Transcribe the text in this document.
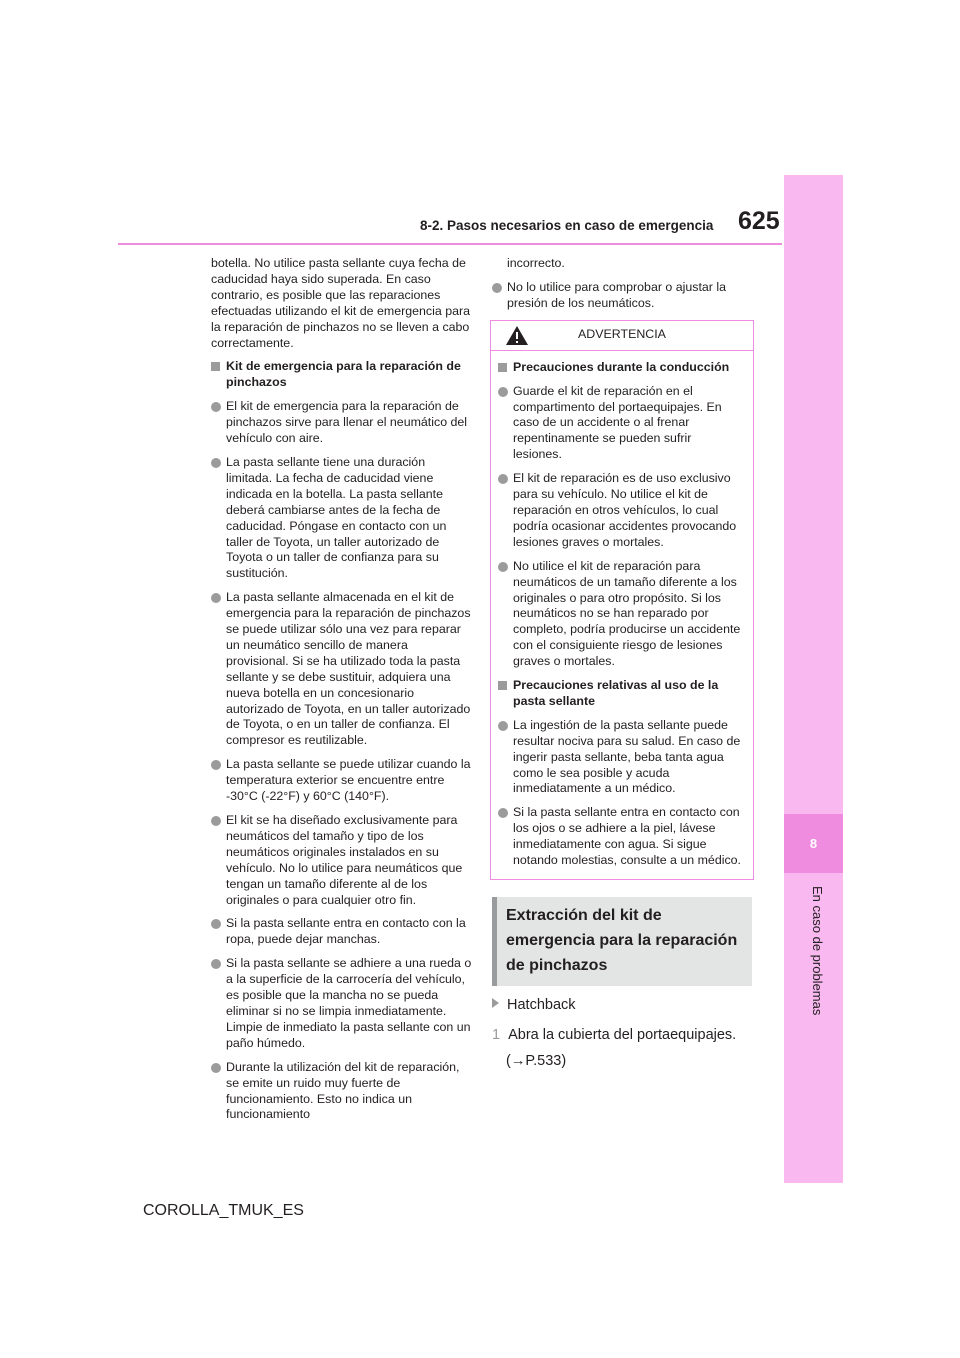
8-2. Pasos necesarios en caso de emergencia 625
8
En caso de problemas

botella. No utilice pasta sellante cuya fecha de caducidad haya sido superada. En caso contrario, es posible que las reparaciones efectuadas utilizando el kit de emergencia para la reparación de pinchazos no se lleven a cabo correctamente.

Kit de emergencia para la reparación de pinchazos
El kit de emergencia para la reparación de pinchazos sirve para llenar el neumático del vehículo con aire.
La pasta sellante tiene una duración limitada. La fecha de caducidad viene indicada en la botella. La pasta sellante deberá cambiarse antes de la fecha de caducidad. Póngase en contacto con un taller de Toyota, un taller autorizado de Toyota o un taller de confianza para su sustitución.
La pasta sellante almacenada en el kit de emergencia para la reparación de pinchazos se puede utilizar sólo una vez para reparar un neumático sencillo de manera provisional. Si se ha utilizado toda la pasta sellante y se debe sustituir, adquiera una nueva botella en un concesionario autorizado de Toyota, en un taller autorizado de Toyota, o en un taller de confianza. El compresor es reutilizable.
La pasta sellante se puede utilizar cuando la temperatura exterior se encuentre entre -30°C (-22°F) y 60°C (140°F).
El kit se ha diseñado exclusivamente para neumáticos del tamaño y tipo de los neumáticos originales instalados en su vehículo. No lo utilice para neumáticos que tengan un tamaño diferente al de los originales o para cualquier otro fin.
Si la pasta sellante entra en contacto con la ropa, puede dejar manchas.
Si la pasta sellante se adhiere a una rueda o a la superficie de la carrocería del vehículo, es posible que la mancha no se pueda eliminar si no se limpia inmediatamente. Limpie de inmediato la pasta sellante con un paño húmedo.
Durante la utilización del kit de reparación, se emite un ruido muy fuerte de funcionamiento. Esto no indica un funcionamiento

incorrecto.

No lo utilice para comprobar o ajustar la presión de los neumáticos.
ADVERTENCIA
Precauciones durante la conducción
Guarde el kit de reparación en el compartimento del portaequipajes. En caso de un accidente o al frenar repentinamente se pueden sufrir lesiones.
El kit de reparación es de uso exclusivo para su vehículo. No utilice el kit de reparación en otros vehículos, lo cual podría ocasionar accidentes provocando lesiones graves o mortales.
No utilice el kit de reparación para neumáticos de un tamaño diferente a los originales o para otro propósito. Si los neumáticos no se han reparado por completo, podría producirse un accidente con el consiguiente riesgo de lesiones graves o mortales.
Precauciones relativas al uso de la pasta sellante
La ingestión de la pasta sellante puede resultar nociva para su salud. En caso de ingerir pasta sellante, beba tanta agua como le sea posible y acuda inmediatamente a un médico.
Si la pasta sellante entra en contacto con los ojos o se adhiere a la piel, lávese inmediatamente con agua. Si sigue notando molestias, consulte a un médico.
Extracción del kit de emergencia para la reparación de pinchazos
Hatchback
1 Abra la cubierta del portaequipajes.
(→P.533)
COROLLA_TMUK_ES
